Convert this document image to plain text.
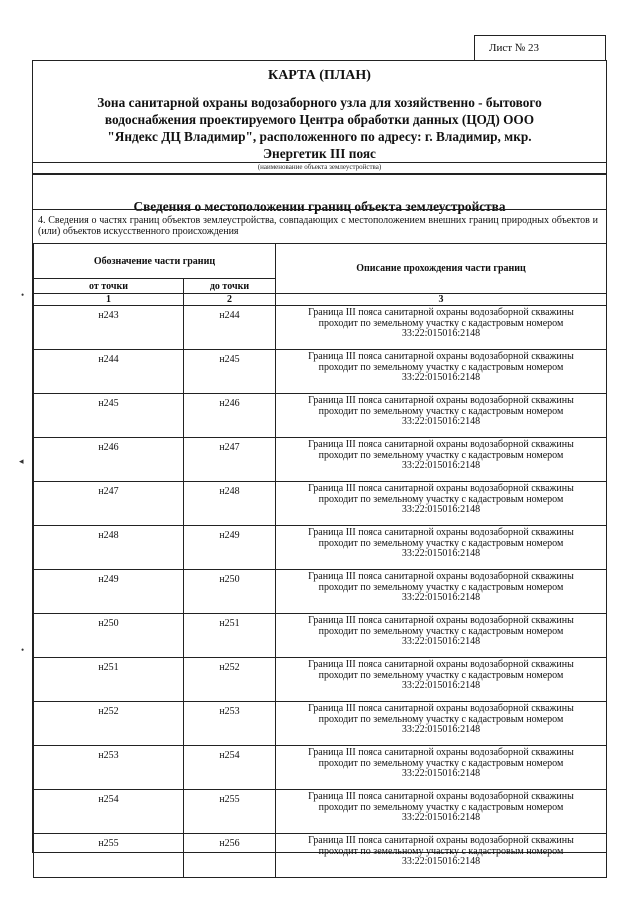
Лист № 23
КАРТА (ПЛАН)
Зона санитарной охраны водозаборного узла для хозяйственно - бытового
водоснабжения проектируемого Центра обработки данных (ЦОД) ООО
"Яндекс ДЦ Владимир", расположенного по адресу: г. Владимир, мкр.
Энергетик III пояс
(наименование объекта землеустройства)
Сведения о местоположении границ объекта землеустройства
4. Сведения о частях границ объектов землеустройства, совпадающих с местоположением внешних границ природных объектов и (или) объектов искусственного происхождения
Обозначение части границ		Описание прохождения части границ
от точки	до точки	
1	2	3
н243	н244	Граница III пояса санитарной охраны водозаборной скважины
проходит по земельному участку с кадастровым номером
33:22:015016:2148

н244	н245	Граница III пояса санитарной охраны водозаборной скважины
проходит по земельному участку с кадастровым номером
33:22:015016:2148

н245	н246	Граница III пояса санитарной охраны водозаборной скважины
проходит по земельному участку с кадастровым номером
33:22:015016:2148

н246	н247	Граница III пояса санитарной охраны водозаборной скважины
проходит по земельному участку с кадастровым номером
33:22:015016:2148

н247	н248	Граница III пояса санитарной охраны водозаборной скважины
проходит по земельному участку с кадастровым номером
33:22:015016:2148

н248	н249	Граница III пояса санитарной охраны водозаборной скважины
проходит по земельному участку с кадастровым номером
33:22:015016:2148

н249	н250	Граница III пояса санитарной охраны водозаборной скважины
проходит по земельному участку с кадастровым номером
33:22:015016:2148

н250	н251	Граница III пояса санитарной охраны водозаборной скважины
проходит по земельному участку с кадастровым номером
33:22:015016:2148

н251	н252	Граница III пояса санитарной охраны водозаборной скважины
проходит по земельному участку с кадастровым номером
33:22:015016:2148

н252	н253	Граница III пояса санитарной охраны водозаборной скважины
проходит по земельному участку с кадастровым номером
33:22:015016:2148

н253	н254	Граница III пояса санитарной охраны водозаборной скважины
проходит по земельному участку с кадастровым номером
33:22:015016:2148

н254	н255	Граница III пояса санитарной охраны водозаборной скважины
проходит по земельному участку с кадастровым номером
33:22:015016:2148

н255	н256	Граница III пояса санитарной охраны водозаборной скважины
проходит по земельному участку с кадастровым номером
33:22:015016:2148
•
◂
•
